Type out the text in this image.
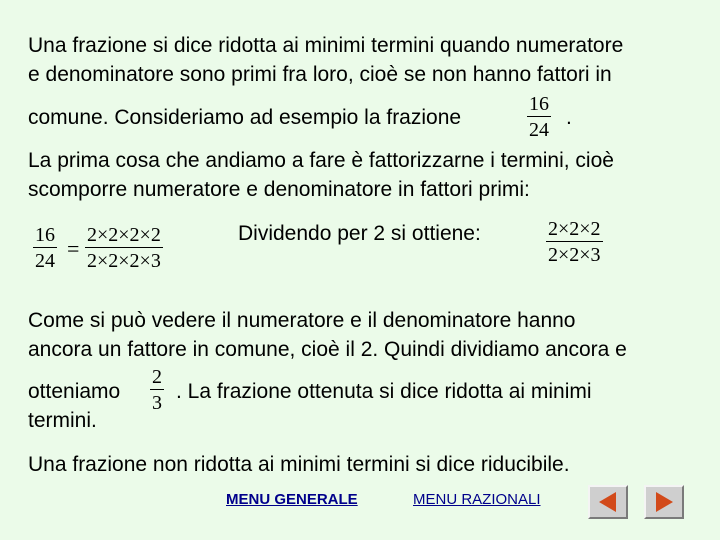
Una frazione si dice ridotta ai minimi termini quando numeratore
e denominatore sono primi fra loro, cioè se non hanno fattori in
comune. Consideriamo ad esempio la frazione
16
24
.
La prima cosa che andiamo a fare è fattorizzarne i termini, cioè
scomporre numeratore e denominatore in fattori primi:
16
24 =
2×2×2×2
2×2×2×3
Dividendo per 2 si ottiene:	2×2×2
2×2×3
Come si può vedere il numeratore e il denominatore hanno
ancora un fattore in comune, cioè il 2. Quindi dividiamo ancora e
otteniamo
2
3 . La frazione ottenuta si dice ridotta ai minimi
termini.
Una frazione non ridotta ai minimi termini si dice riducibile.
MENU GENERALE	MENU RAZIONALI
